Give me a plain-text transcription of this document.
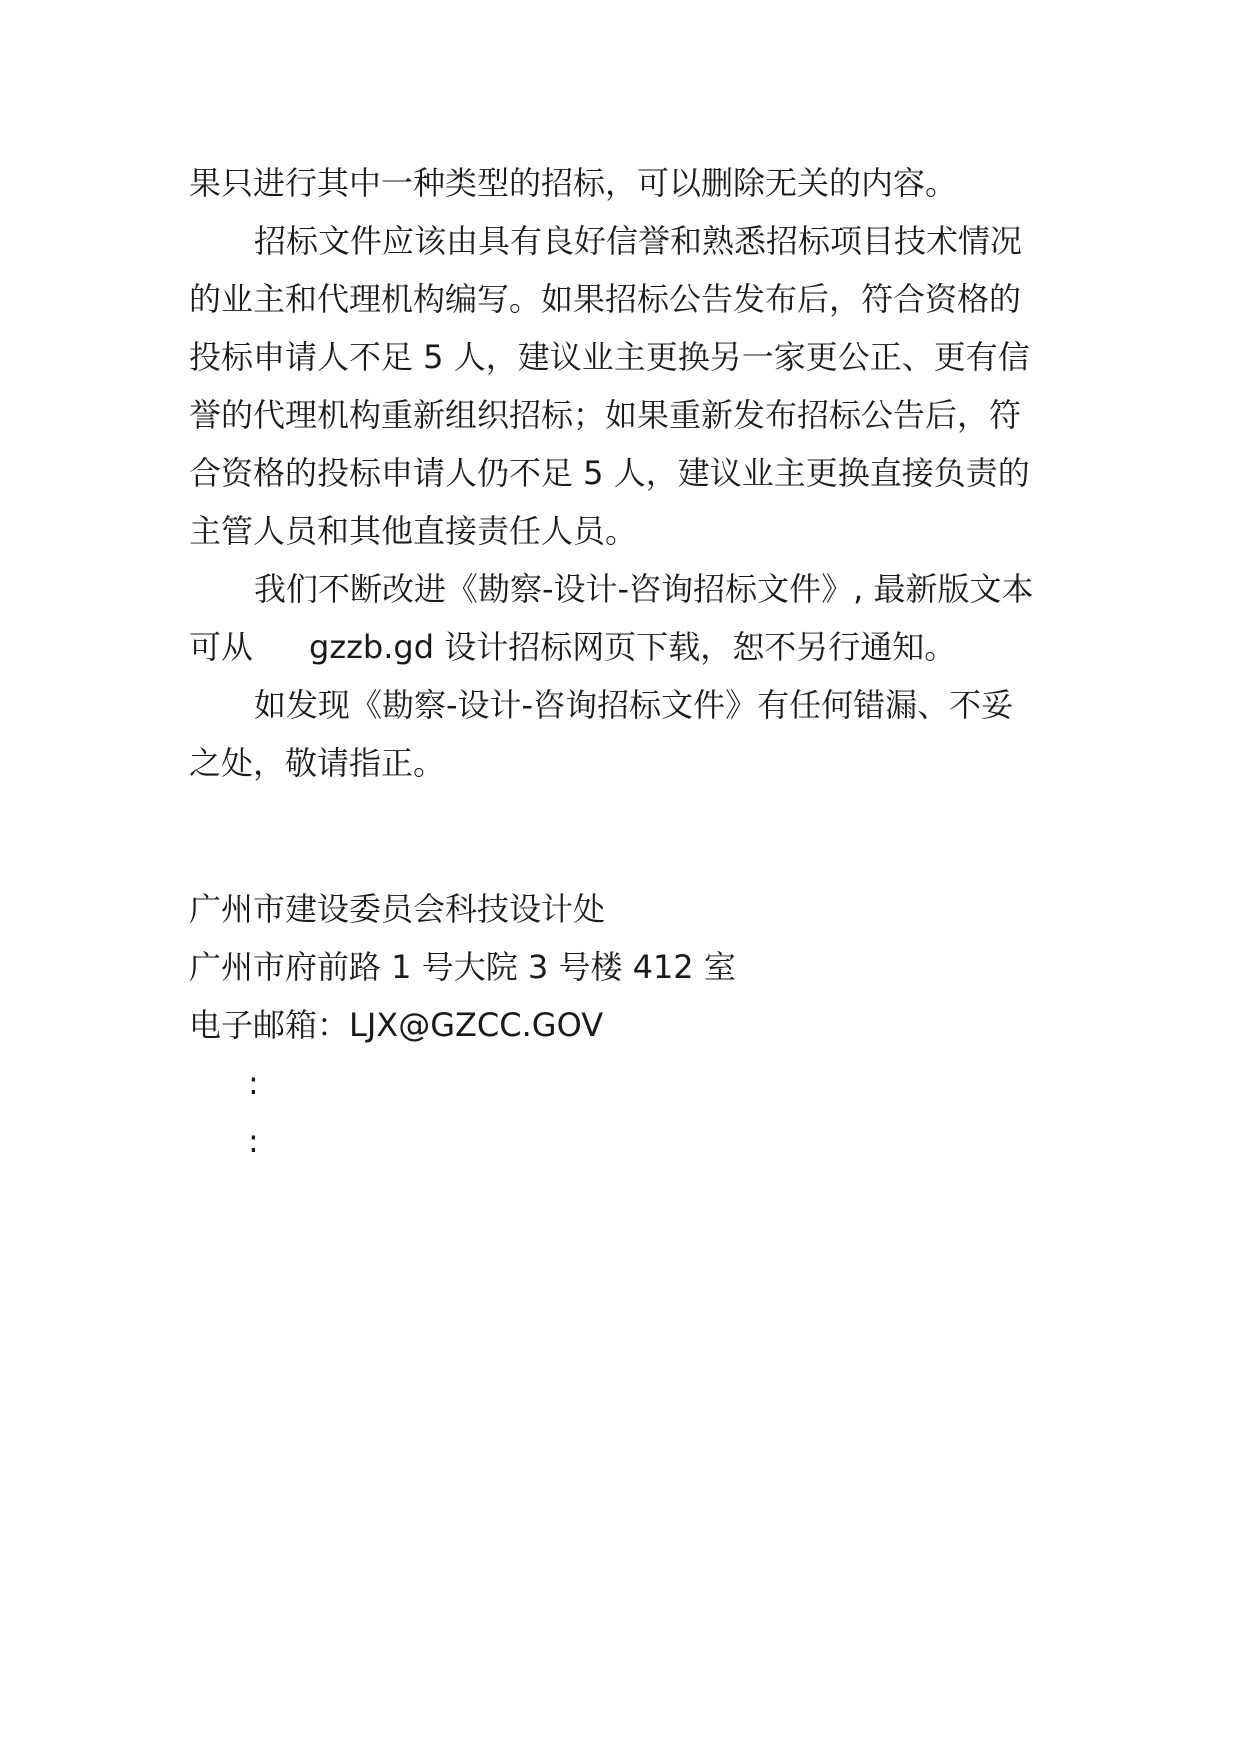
果只进行其中一种类型的招标，可以删除无关的内容。
招标文件应该由具有良好信誉和熟悉招标项目技术情况
的业主和代理机构编写。如果招标公告发布后，符合资格的
投标申请人不足 5 人，建议业主更换另一家更公正、更有信
誉的代理机构重新组织招标；如果重新发布招标公告后，符
合资格的投标申请人仍不足 5 人，建议业主更换直接负责的
主管人员和其他直接责任人员。
我们不断改进《勘察-设计-咨询招标文件》, 最新版文本
可从 gzzb.gd 设计招标网页下载，恕不另行通知。
如发现《勘察-设计-咨询招标文件》有任何错漏、不妥
之处，敬请指正。
广州市建设委员会科技设计处
广州市府前路 1 号大院 3 号楼 412 室
电子邮箱：LJX@GZCC.GOV
:
:
